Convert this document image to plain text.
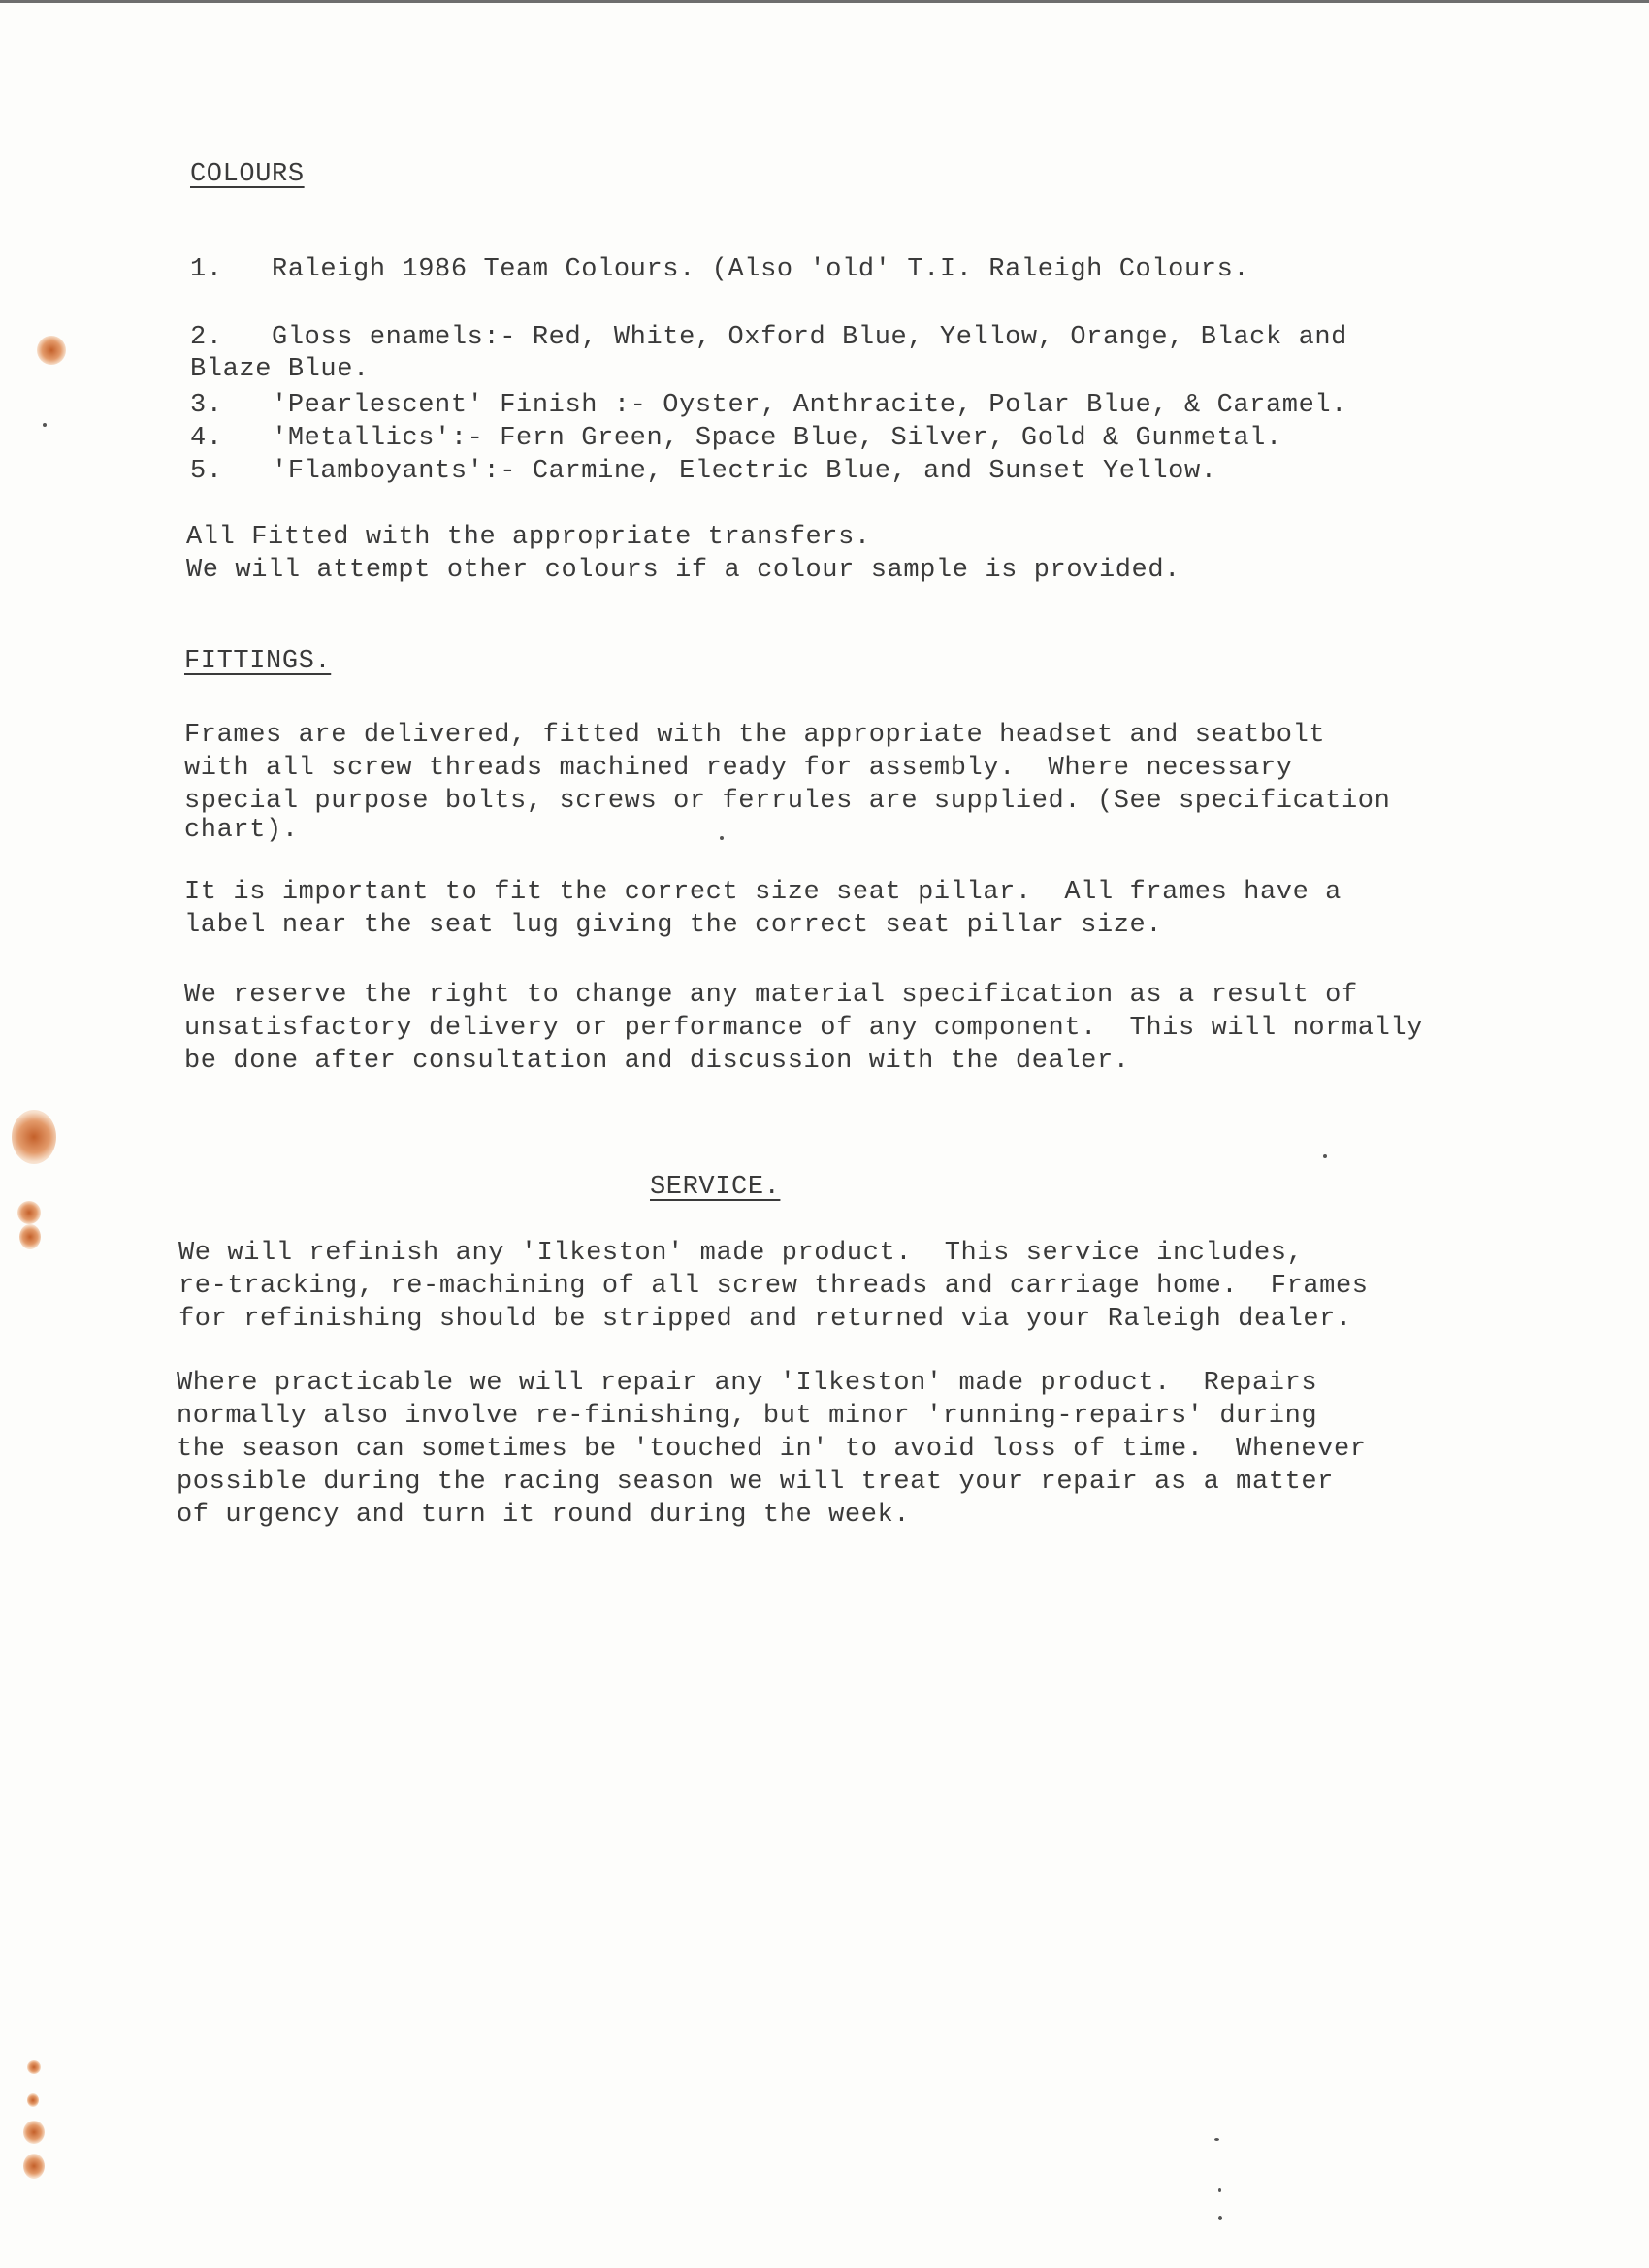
COLOURS
1.   Raleigh 1986 Team Colours. (Also 'old' T.I. Raleigh Colours.
2.   Gloss enamels:- Red, White, Oxford Blue, Yellow, Orange, Black and
Blaze Blue.
3.   'Pearlescent' Finish :- Oyster, Anthracite, Polar Blue, & Caramel.
4.   'Metallics':- Fern Green, Space Blue, Silver, Gold & Gunmetal.
5.   'Flamboyants':- Carmine, Electric Blue, and Sunset Yellow.
All Fitted with the appropriate transfers.
We will attempt other colours if a colour sample is provided.
FITTINGS.
Frames are delivered, fitted with the appropriate headset and seatbolt
with all screw threads machined ready for assembly.  Where necessary
special purpose bolts, screws or ferrules are supplied. (See specification
chart).
It is important to fit the correct size seat pillar.  All frames have a
label near the seat lug giving the correct seat pillar size.
We reserve the right to change any material specification as a result of
unsatisfactory delivery or performance of any component.  This will normally
be done after consultation and discussion with the dealer.
SERVICE.
We will refinish any 'Ilkeston' made product.  This service includes,
re-tracking, re-machining of all screw threads and carriage home.  Frames
for refinishing should be stripped and returned via your Raleigh dealer.
Where practicable we will repair any 'Ilkeston' made product.  Repairs
normally also involve re-finishing, but minor 'running-repairs' during
the season can sometimes be 'touched in' to avoid loss of time.  Whenever
possible during the racing season we will treat your repair as a matter
of urgency and turn it round during the week.
